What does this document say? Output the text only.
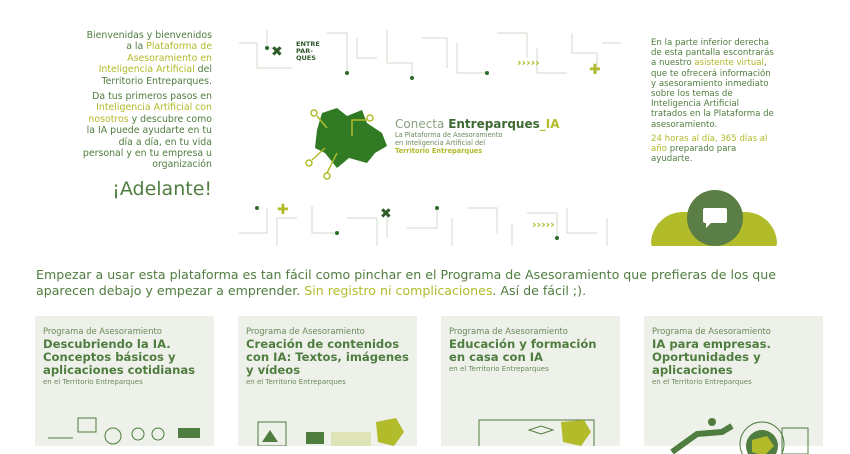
Bienvenidas y bienvenidos a la Plataforma de Asesoramiento en Inteligencia Artificial del Territorio Entreparques.

Da tus primeros pasos en Inteligencia Artificial con nosotros y descubre como la IA puede ayudarte en tu día a día, en tu vida personal y en tu empresa u organización

¡Adelante!
✖
✖
✚
✚
›››››
›››››
ENTRE
PAR-
QUES
Conecta Entreparques_IA
La Plataforma de Asesoramiento en Inteligencia Artificial del
Territorio Entreparques

En la parte inferior derecha de esta pantalla escontrarás a nuestro asistente virtual, que te ofrecerá información y asesoramiento inmediato sobre los temas de Inteligencia Artificial tratados en la Plataforma de asesoramiento.

24 horas al día, 365 días al año preparado para ayudarte.

Empezar a usar esta plataforma es tan fácil como pinchar en el Programa de Asesoramiento que prefieras de los que aparecen debajo y empezar a emprender. Sin registro ni complicaciones. Así de fácil ;).
Programa de Asesoramiento
Descubriendo la IA. Conceptos básicos y aplicaciones cotidianas
en el Territorio Entreparques
Programa de Asesoramiento
Creación de contenidos con IA: Textos, imágenes y vídeos
en el Territorio Entreparques
Programa de Asesoramiento
Educación y formación en casa con IA
en el Territorio Entreparques
Programa de Asesoramiento
IA para empresas. Oportunidades y aplicaciones
en el Territorio Entreparques
